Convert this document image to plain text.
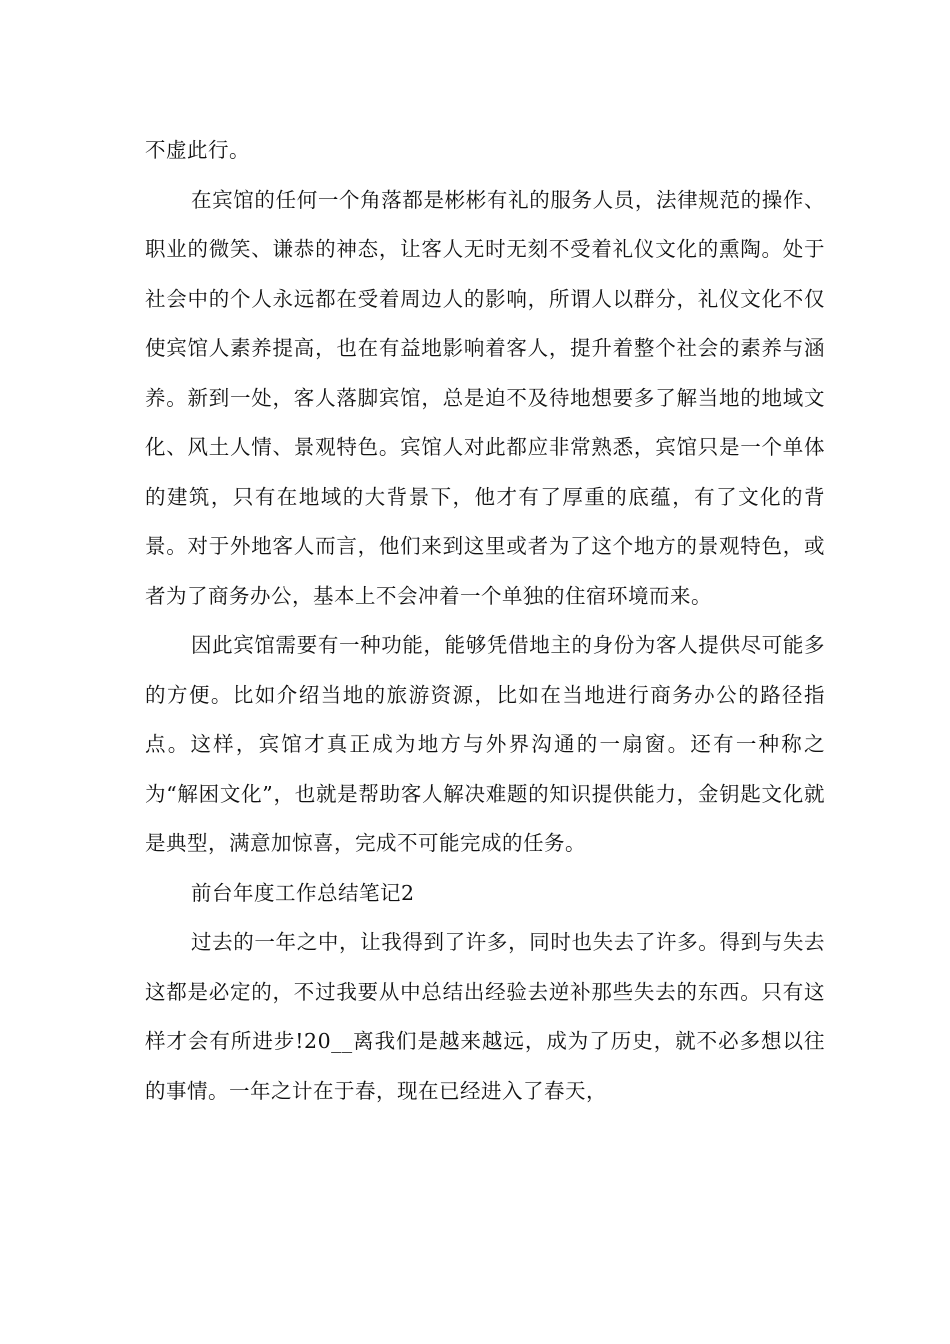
不虚此行。

在宾馆的任何一个角落都是彬彬有礼的服务人员，法律规范的操作、职业的微笑、谦恭的神态，让客人无时无刻不受着礼仪文化的熏陶。处于社会中的个人永远都在受着周边人的影响，所谓人以群分，礼仪文化不仅使宾馆人素养提高，也在有益地影响着客人，提升着整个社会的素养与涵养。新到一处，客人落脚宾馆，总是迫不及待地想要多了解当地的地域文化、风土人情、景观特色。宾馆人对此都应非常熟悉，宾馆只是一个单体的建筑，只有在地域的大背景下，他才有了厚重的底蕴，有了文化的背景。对于外地客人而言，他们来到这里或者为了这个地方的景观特色，或者为了商务办公，基本上不会冲着一个单独的住宿环境而来。

因此宾馆需要有一种功能，能够凭借地主的身份为客人提供尽可能多的方便。比如介绍当地的旅游资源，比如在当地进行商务办公的路径指点。这样，宾馆才真正成为地方与外界沟通的一扇窗。还有一种称之为“解困文化”，也就是帮助客人解决难题的知识提供能力，金钥匙文化就是典型，满意加惊喜，完成不可能完成的任务。

前台年度工作总结笔记2

过去的一年之中，让我得到了许多，同时也失去了许多。得到与失去这都是必定的，不过我要从中总结出经验去逆补那些失去的东西。只有这样才会有所进步!20__离我们是越来越远，成为了历史，就不必多想以往的事情。一年之计在于春，现在已经进入了春天，
